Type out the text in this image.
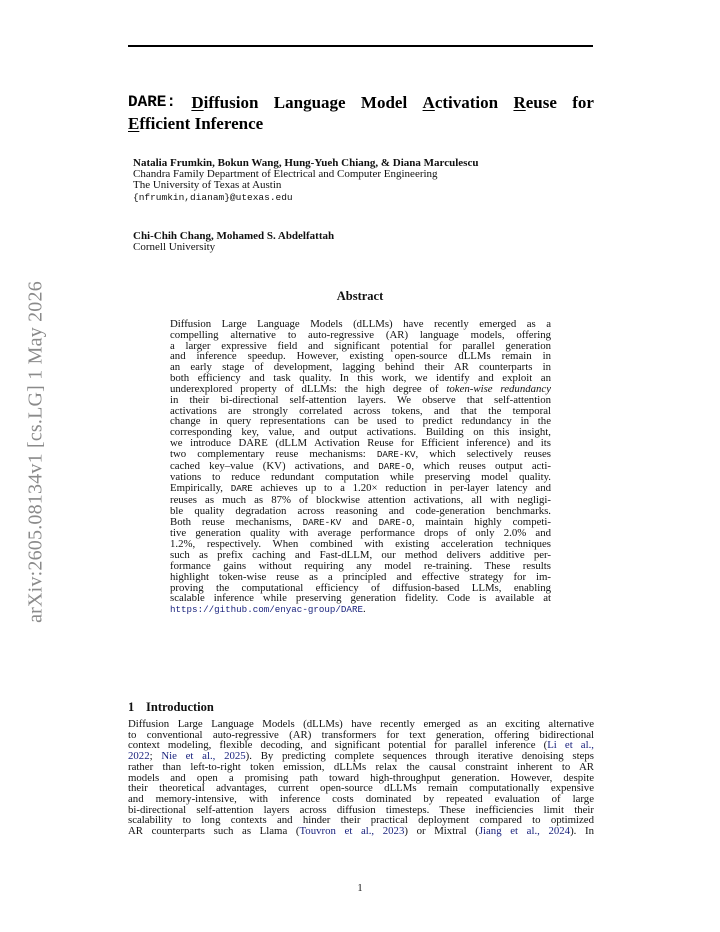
arXiv:2605.08134v1 [cs.LG] 1 May 2026
DARE: Diffusion Language Model Activation Reuse for
Efficient Inference
Natalia Frumkin, Bokun Wang, Hung-Yueh Chiang, & Diana Marculescu
Chandra Family Department of Electrical and Computer Engineering
The University of Texas at Austin
{nfrumkin,dianam}@utexas.edu
Chi-Chih Chang, Mohamed S. Abdelfattah
Cornell University
Abstract
Diffusion Large Language Models (dLLMs) have recently emerged as a
compelling alternative to auto-regressive (AR) language models, offering
a larger expressive field and significant potential for parallel generation
and inference speedup. However, existing open-source dLLMs remain in
an early stage of development, lagging behind their AR counterparts in
both efficiency and task quality. In this work, we identify and exploit an
underexplored property of dLLMs: the high degree of token-wise redundancy
in their bi-directional self-attention layers. We observe that self-attention
activations are strongly correlated across tokens, and that the temporal
change in query representations can be used to predict redundancy in the
corresponding key, value, and output activations. Building on this insight,
we introduce DARE (dLLM Activation Reuse for Efficient inference) and its
two complementary reuse mechanisms: DARE-KV, which selectively reuses
cached key–value (KV) activations, and DARE-O, which reuses output acti-
vations to reduce redundant computation while preserving model quality.
Empirically, DARE achieves up to a 1.20× reduction in per-layer latency and
reuses as much as 87% of blockwise attention activations, all with negligi-
ble quality degradation across reasoning and code-generation benchmarks.
Both reuse mechanisms, DARE-KV and DARE-O, maintain highly competi-
tive generation quality with average performance drops of only 2.0% and
1.2%, respectively. When combined with existing acceleration techniques
such as prefix caching and Fast-dLLM, our method delivers additive per-
formance gains without requiring any model re-training. These results
highlight token-wise reuse as a principled and effective strategy for im-
proving the computational efficiency of diffusion-based LLMs, enabling
scalable inference while preserving generation fidelity. Code is available at
https://github.com/enyac-group/DARE.
1 Introduction
Diffusion Large Language Models (dLLMs) have recently emerged as an exciting alternative
to conventional auto-regressive (AR) transformers for text generation, offering bidirectional
context modeling, flexible decoding, and significant potential for parallel inference (Li et al.,
2022; Nie et al., 2025). By predicting complete sequences through iterative denoising steps
rather than left-to-right token emission, dLLMs relax the causal constraint inherent to AR
models and open a promising path toward high-throughput generation. However, despite
their theoretical advantages, current open-source dLLMs remain computationally expensive
and memory-intensive, with inference costs dominated by repeated evaluation of large
bi-directional self-attention layers across diffusion timesteps. These inefficiencies limit their
scalability to long contexts and hinder their practical deployment compared to optimized
AR counterparts such as Llama (Touvron et al., 2023) or Mixtral (Jiang et al., 2024). In
1
